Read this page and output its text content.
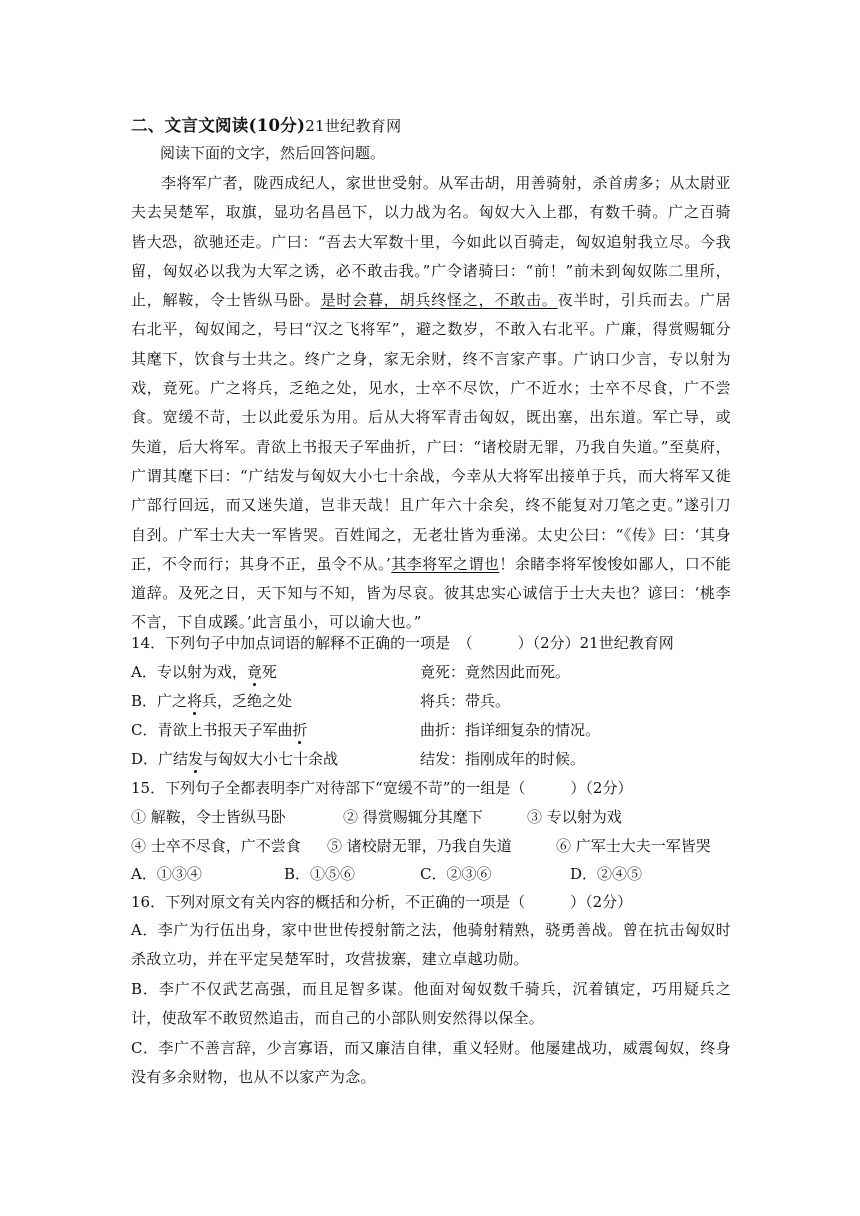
二、文言文阅读(10分)21世纪教育网
阅读下面的文字，然后回答问题。

李将军广者，陇西成纪人，家世世受射。从军击胡，用善骑射，杀首虏多；从太尉亚夫去吴楚军，取旗，显功名昌邑下，以力战为名。匈奴大入上郡，有数千骑。广之百骑皆大恐，欲驰还走。广曰：“吾去大军数十里，今如此以百骑走，匈奴追射我立尽。今我留，匈奴必以我为大军之诱，必不敢击我。”广令诸骑曰：“前！”前未到匈奴陈二里所，止，解鞍，令士皆纵马卧。是时会暮，胡兵终怪之，不敢击。夜半时，引兵而去。广居右北平，匈奴闻之，号曰“汉之飞将军”，避之数岁，不敢入右北平。广廉，得赏赐辄分其麾下，饮食与士共之。终广之身，家无余财，终不言家产事。广讷口少言，专以射为戏，竟死。广之将兵，乏绝之处，见水，士卒不尽饮，广不近水；士卒不尽食，广不尝食。宽缓不苛，士以此爱乐为用。后从大将军青击匈奴，既出塞，出东道。军亡导，或失道，后大将军。青欲上书报天子军曲折，广曰：“诸校尉无罪，乃我自失道。”至莫府，广谓其麾下曰：“广结发与匈奴大小七十余战，今幸从大将军出接单于兵，而大将军又徙广部行回远，而又迷失道，岂非天哉！且广年六十余矣，终不能复对刀笔之吏。”遂引刀自刭。广军士大夫一军皆哭。百姓闻之，无老壮皆为垂涕。太史公曰：“《传》曰：‘其身正，不令而行；其身不正，虽令不从。’其李将军之谓也！余睹李将军悛悛如鄙人，口不能道辞。及死之日，天下知与不知，皆为尽哀。彼其忠实心诚信于士大夫也？谚曰：‘桃李不言，下自成蹊。’此言虽小，可以谕大也。”

14．下列句子中加点词语的解释不正确的一项是　（　　　）（2分）21世纪教育网
A．专以射为戏，竟死	竟死：竟然因此而死。
B．广之将兵，乏绝之处	将兵：带兵。
C．青欲上书报天子军曲折	曲折：指详细复杂的情况。
D．广结发与匈奴大小七十余战	结发：指刚成年的时候。
15．下列句子全都表明李广对待部下“宽缓不苛”的一组是（　　　）（2分）
① 解鞍，令士皆纵马卧	② 得赏赐辄分其麾下	③ 专以射为戏
④ 士卒不尽食，广不尝食 ⑤ 诸校尉无罪，乃我自失道	⑥ 广军士大夫一军皆哭
A．①③④	B．①⑤⑥	C．②③⑥	D．②④⑤
16．下列对原文有关内容的概括和分析，不正确的一项是（　　　）（2分）

A．李广为行伍出身，家中世世传授射箭之法，他骑射精熟，骁勇善战。曾在抗击匈奴时杀敌立功，并在平定吴楚军时，攻营拔寨，建立卓越功勋。

B．李广不仅武艺高强，而且足智多谋。他面对匈奴数千骑兵，沉着镇定，巧用疑兵之计，使敌军不敢贸然追击，而自己的小部队则安然得以保全。

C．李广不善言辞，少言寡语，而又廉洁自律，重义轻财。他屡建战功，威震匈奴，终身没有多余财物，也从不以家产为念。
